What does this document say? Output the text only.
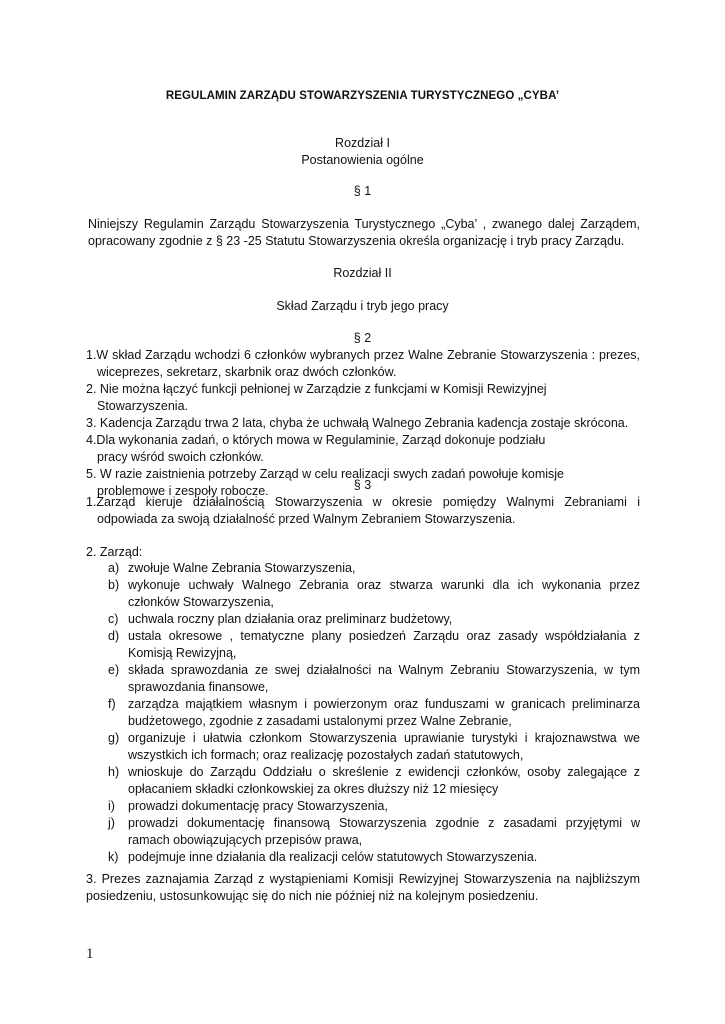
REGULAMIN ZARZĄDU STOWARZYSZENIA TURYSTYCZNEGO „CYBA’
Rozdział I
Postanowienia ogólne
§ 1
Niniejszy Regulamin Zarządu Stowarzyszenia Turystycznego „Cyba’ , zwanego dalej Zarządem, opracowany zgodnie z § 23 -25 Statutu Stowarzyszenia określa organizację i tryb pracy Zarządu.
Rozdział II
Skład Zarządu i tryb jego pracy
§ 2
1.W skład Zarządu wchodzi 6 członków wybranych przez Walne Zebranie Stowarzyszenia : prezes, wiceprezes, sekretarz, skarbnik oraz dwóch członków.
2. Nie można łączyć funkcji pełnionej w Zarządzie z funkcjami w Komisji Rewizyjnej Stowarzyszenia.
3. Kadencja Zarządu trwa 2 lata, chyba że uchwałą Walnego Zebrania kadencja zostaje skrócona.
4.Dla wykonania zadań, o których mowa w Regulaminie, Zarząd dokonuje podziału pracy wśród swoich członków.
5. W razie zaistnienia potrzeby Zarząd w celu realizacji swych zadań powołuje komisje problemowe i zespoły robocze.	§ 3
1.Zarząd kieruje działalnością Stowarzyszenia w okresie pomiędzy Walnymi Zebraniami i odpowiada za swoją działalność przed Walnym Zebraniem Stowarzyszenia.
2. Zarząd:
a) zwołuje Walne Zebrania Stowarzyszenia,
b) wykonuje uchwały Walnego Zebrania oraz stwarza warunki dla ich wykonania przez członków Stowarzyszenia,
c) uchwala roczny plan działania oraz preliminarz budżetowy,
d) ustala okresowe , tematyczne plany posiedzeń Zarządu oraz zasady współdziałania z Komisją Rewizyjną,
e) składa sprawozdania ze swej działalności na Walnym Zebraniu Stowarzyszenia, w tym sprawozdania finansowe,
f) zarządza majątkiem własnym i powierzonym oraz funduszami w granicach preliminarza budżetowego, zgodnie z zasadami ustalonymi przez Walne Zebranie,
g) organizuje i ułatwia członkom Stowarzyszenia uprawianie turystyki i krajoznawstwa we wszystkich ich formach; oraz realizację pozostałych zadań statutowych,
h) wnioskuje do Zarządu Oddziału o skreślenie z ewidencji członków, osoby zalegające z opłacaniem składki członkowskiej za okres dłuższy niż 12 miesięcy
i) prowadzi dokumentację pracy Stowarzyszenia,
j) prowadzi dokumentację finansową Stowarzyszenia zgodnie z zasadami przyjętymi w ramach obowiązujących przepisów prawa,
k) podejmuje inne działania dla realizacji celów statutowych Stowarzyszenia.
3. Prezes zaznajamia Zarząd z wystąpieniami Komisji Rewizyjnej Stowarzyszenia na najbliższym posiedzeniu, ustosunkowując się do nich nie później niż na kolejnym posiedzeniu.
1
